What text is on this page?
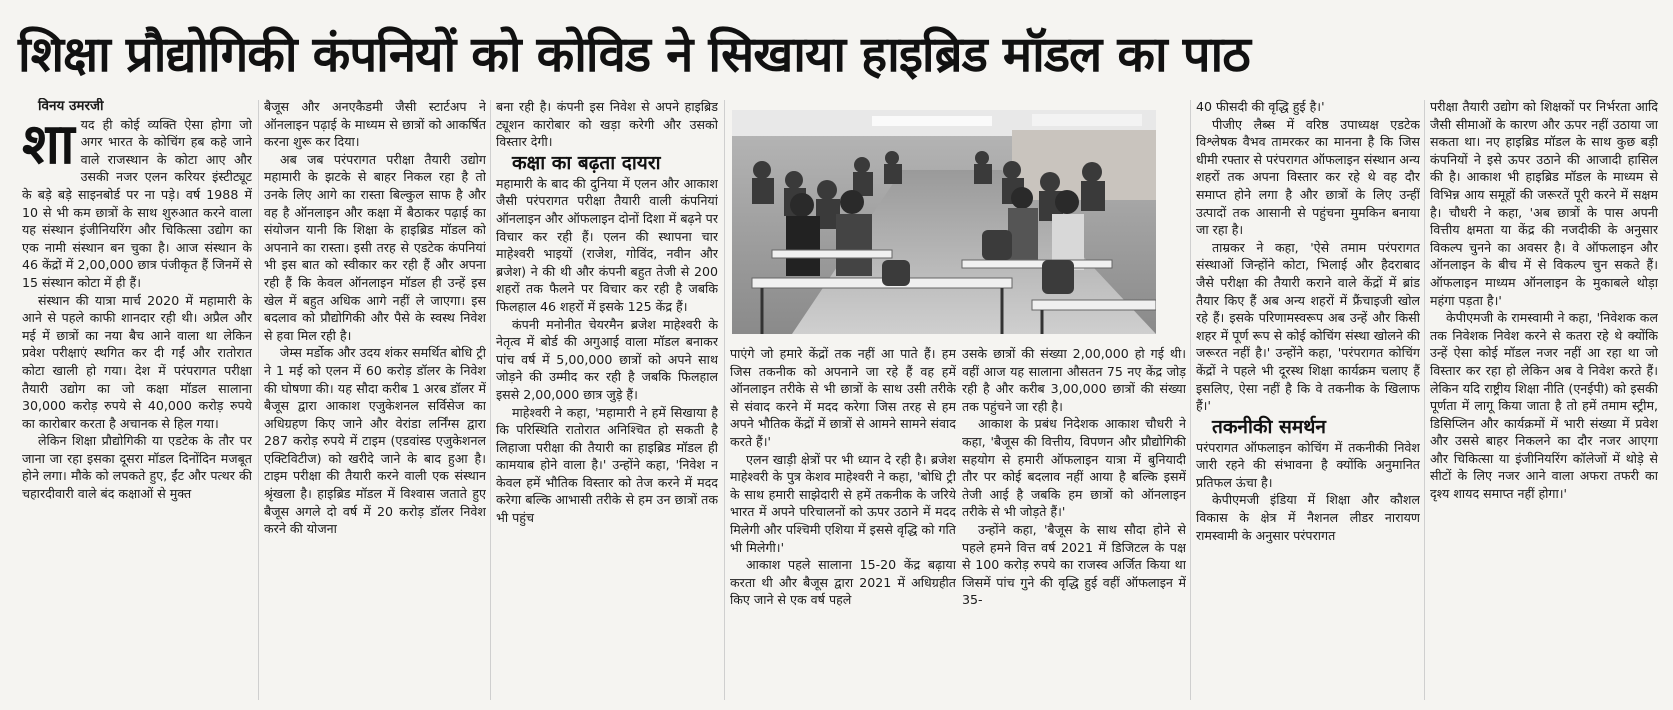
शिक्षा प्रौद्योगिकी कंपनियों को कोविड ने सिखाया हाइब्रिड मॉडल का पाठ

विनय उमरजी

शायद ही कोई व्यक्ति ऐसा होगा जो अगर भारत के कोचिंग हब कहे जाने वाले राजस्थान के कोटा आए और उसकी नजर एलन करियर इंस्टीट्यूट के बड़े बड़े साइनबोर्ड पर ना पड़े। वर्ष 1988 में 10 से भी कम छात्रों के साथ शुरुआत करने वाला यह संस्थान इंजीनियरिंग और चिकित्सा उद्योग का एक नामी संस्थान बन चुका है। आज संस्थान के 46 केंद्रों में 2,00,000 छात्र पंजीकृत हैं जिनमें से 15 संस्थान कोटा में ही हैं।

संस्थान की यात्रा मार्च 2020 में महामारी के आने से पहले काफी शानदार रही थी। अप्रैल और मई में छात्रों का नया बैच आने वाला था लेकिन प्रवेश परीक्षाएं स्थगित कर दी गईं और रातोरात कोटा खाली हो गया। देश में परंपरागत परीक्षा तैयारी उद्योग का जो कक्षा मॉडल सालाना 30,000 करोड़ रुपये से 40,000 करोड़ रुपये का कारोबार करता है अचानक से हिल गया।

लेकिन शिक्षा प्रौद्योगिकी या एडटेक के तौर पर जाना जा रहा इसका दूसरा मॉडल दिनोंदिन मजबूत होने लगा। मौके को लपकते हुए, ईंट और पत्थर की चहारदीवारी वाले बंद कक्षाओं से मुक्त

बैजूस और अनएकैडमी जैसी स्टार्टअप ने ऑनलाइन पढ़ाई के माध्यम से छात्रों को आकर्षित करना शुरू कर दिया।

अब जब परंपरागत परीक्षा तैयारी उद्योग महामारी के झटके से बाहर निकल रहा है तो उनके लिए आगे का रास्ता बिल्कुल साफ है और वह है ऑनलाइन और कक्षा में बैठाकर पढ़ाई का संयोजन यानी कि शिक्षा के हाइब्रिड मॉडल को अपनाने का रास्ता। इसी तरह से एडटेक कंपनियां भी इस बात को स्वीकार कर रही हैं और अपना रही हैं कि केवल ऑनलाइन मॉडल ही उन्हें इस खेल में बहुत अधिक आगे नहीं ले जाएगा। इस बदलाव को प्रौद्योगिकी और पैसे के स्वस्थ निवेश से हवा मिल रही है।

जेम्स मर्डोक और उदय शंकर समर्थित बोधि ट्री ने 1 मई को एलन में 60 करोड़ डॉलर के निवेश की घोषणा की। यह सौदा करीब 1 अरब डॉलर में बैजूस द्वारा आकाश एजुकेशनल सर्विसेज का अधिग्रहण किए जाने और वेरांडा लर्निंग्स द्वारा 287 करोड़ रुपये में टाइम (एडवांस्ड एजुकेशनल एक्टिविटीज) को खरीदे जाने के बाद हुआ है। टाइम परीक्षा की तैयारी करने वाली एक संस्थान श्रृंखला है। हाइब्रिड मॉडल में विश्वास जताते हुए बैजूस अगले दो वर्ष में 20 करोड़ डॉलर निवेश करने की योजना

बना रही है। कंपनी इस निवेश से अपने हाइब्रिड ट्यूशन कारोबार को खड़ा करेगी और उसको विस्तार देगी।

कक्षा का बढ़ता दायरा

महामारी के बाद की दुनिया में एलन और आकाश जैसी परंपरागत परीक्षा तैयारी वाली कंपनियां ऑनलाइन और ऑफलाइन दोनों दिशा में बढ़ने पर विचार कर रही हैं। एलन की स्थापना चार माहेश्वरी भाइयों (राजेश, गोविंद, नवीन और ब्रजेश) ने की थी और कंपनी बहुत तेजी से 200 शहरों तक फैलने पर विचार कर रही है जबकि फिलहाल 46 शहरों में इसके 125 केंद्र हैं।

कंपनी मनोनीत चेयरमैन ब्रजेश माहेश्वरी के नेतृत्व में बोर्ड की अगुआई वाला मॉडल बनाकर पांच वर्ष में 5,00,000 छात्रों को अपने साथ जोड़ने की उम्मीद कर रही है जबकि फिलहाल इससे 2,00,000 छात्र जुड़े हैं।

माहेश्वरी ने कहा, 'महामारी ने हमें सिखाया है कि परिस्थिति रातोरात अनिश्चित हो सकती है लिहाजा परीक्षा की तैयारी का हाइब्रिड मॉडल ही कामयाब होने वाला है।' उन्होंने कहा, 'निवेश न केवल हमें भौतिक विस्तार को तेज करने में मदद करेगा बल्कि आभासी तरीके से हम उन छात्रों तक भी पहुंच

पाएंगे जो हमारे केंद्रों तक नहीं आ पाते हैं। हम जिस तकनीक को अपनाने जा रहे हैं वह हमें ऑनलाइन तरीके से भी छात्रों के साथ उसी तरीके से संवाद करने में मदद करेगा जिस तरह से हम अपने भौतिक केंद्रों में छात्रों से आमने सामने संवाद करते हैं।'

एलन खाड़ी क्षेत्रों पर भी ध्यान दे रही है। ब्रजेश माहेश्वरी के पुत्र केशव माहेश्वरी ने कहा, 'बोधि ट्री के साथ हमारी साझेदारी से हमें तकनीक के जरिये भारत में अपने परिचालनों को ऊपर उठाने में मदद मिलेगी और पश्चिमी एशिया में इससे वृद्धि को गति भी मिलेगी।'

आकाश पहले सालाना 15-20 केंद्र बढ़ाया करता थी और बैजूस द्वारा 2021 में अधिग्रहीत किए जाने से एक वर्ष पहले

उसके छात्रों की संख्या 2,00,000 हो गई थी। वहीं आज यह सालाना औसतन 75 नए केंद्र जोड़ रही है और करीब 3,00,000 छात्रों की संख्या तक पहुंचने जा रही है।

आकाश के प्रबंध निदेशक आकाश चौधरी ने कहा, 'बैजूस की वित्तीय, विपणन और प्रौद्योगिकी सहयोग से हमारी ऑफलाइन यात्रा में बुनियादी तौर पर कोई बदलाव नहीं आया है बल्कि इसमें तेजी आई है जबकि हम छात्रों को ऑनलाइन तरीके से भी जोड़ते हैं।'

उन्होंने कहा, 'बैजूस के साथ सौदा होने से पहले हमने वित्त वर्ष 2021 में डिजिटल के पक्ष से 100 करोड़ रुपये का राजस्व अर्जित किया था जिसमें पांच गुने की वृद्धि हुई वहीं ऑफलाइन में 35-

40 फीसदी की वृद्धि हुई है।'

पीजीए लैब्स में वरिष्ठ उपाध्यक्ष एडटेक विश्लेषक वैभव तामरकर का मानना है कि जिस धीमी रफ्तार से परंपरागत ऑफलाइन संस्थान अन्य शहरों तक अपना विस्तार कर रहे थे वह दौर समाप्त होने लगा है और छात्रों के लिए उन्हीं उत्पादों तक आसानी से पहुंचना मुमकिन बनाया जा रहा है।

ताम्रकर ने कहा, 'ऐसे तमाम परंपरागत संस्थाओं जिन्होंने कोटा, भिलाई और हैदराबाद जैसे परीक्षा की तैयारी कराने वाले केंद्रों में ब्रांड तैयार किए हैं अब अन्य शहरों में फ्रैंचाइजी खोल रहे हैं। इसके परिणामस्वरूप अब उन्हें और किसी शहर में पूर्ण रूप से कोई कोचिंग संस्था खोलने की जरूरत नहीं है।' उन्होंने कहा, 'परंपरागत कोचिंग केंद्रों ने पहले भी दूरस्थ शिक्षा कार्यक्रम चलाए हैं इसलिए, ऐसा नहीं है कि वे तकनीक के खिलाफ हैं।'

तकनीकी समर्थन

परंपरागत ऑफलाइन कोचिंग में तकनीकी निवेश जारी रहने की संभावना है क्योंकि अनुमानित प्रतिफल ऊंचा है।

केपीएमजी इंडिया में शिक्षा और कौशल विकास के क्षेत्र में नैशनल लीडर नारायण रामस्वामी के अनुसार परंपरागत

परीक्षा तैयारी उद्योग को शिक्षकों पर निर्भरता आदि जैसी सीमाओं के कारण और ऊपर नहीं उठाया जा सकता था। नए हाइब्रिड मॉडल के साथ कुछ बड़ी कंपनियों ने इसे ऊपर उठाने की आजादी हासिल की है। आकाश भी हाइब्रिड मॉडल के माध्यम से विभिन्न आय समूहों की जरूरतें पूरी करने में सक्षम है। चौधरी ने कहा, 'अब छात्रों के पास अपनी वित्तीय क्षमता या केंद्र की नजदीकी के अनुसार विकल्प चुनने का अवसर है। वे ऑफलाइन और ऑनलाइन के बीच में से विकल्प चुन सकते हैं। ऑफलाइन माध्यम ऑनलाइन के मुकाबले थोड़ा महंगा पड़ता है।'

केपीएमजी के रामस्वामी ने कहा, 'निवेशक कल तक निवेशक निवेश करने से कतरा रहे थे क्योंकि उन्हें ऐसा कोई मॉडल नजर नहीं आ रहा था जो विस्तार कर रहा हो लेकिन अब वे निवेश करते हैं। लेकिन यदि राष्ट्रीय शिक्षा नीति (एनईपी) को इसकी पूर्णता में लागू किया जाता है तो हमें तमाम स्ट्रीम, डिसिप्लिन और कार्यक्रमों में भारी संख्या में प्रवेश और उससे बाहर निकलने का दौर नजर आएगा और चिकित्सा या इंजीनियरिंग कॉलेजों में थोड़े से सीटों के लिए नजर आने वाला अफरा तफरी का दृश्य शायद समाप्त नहीं होगा।'
